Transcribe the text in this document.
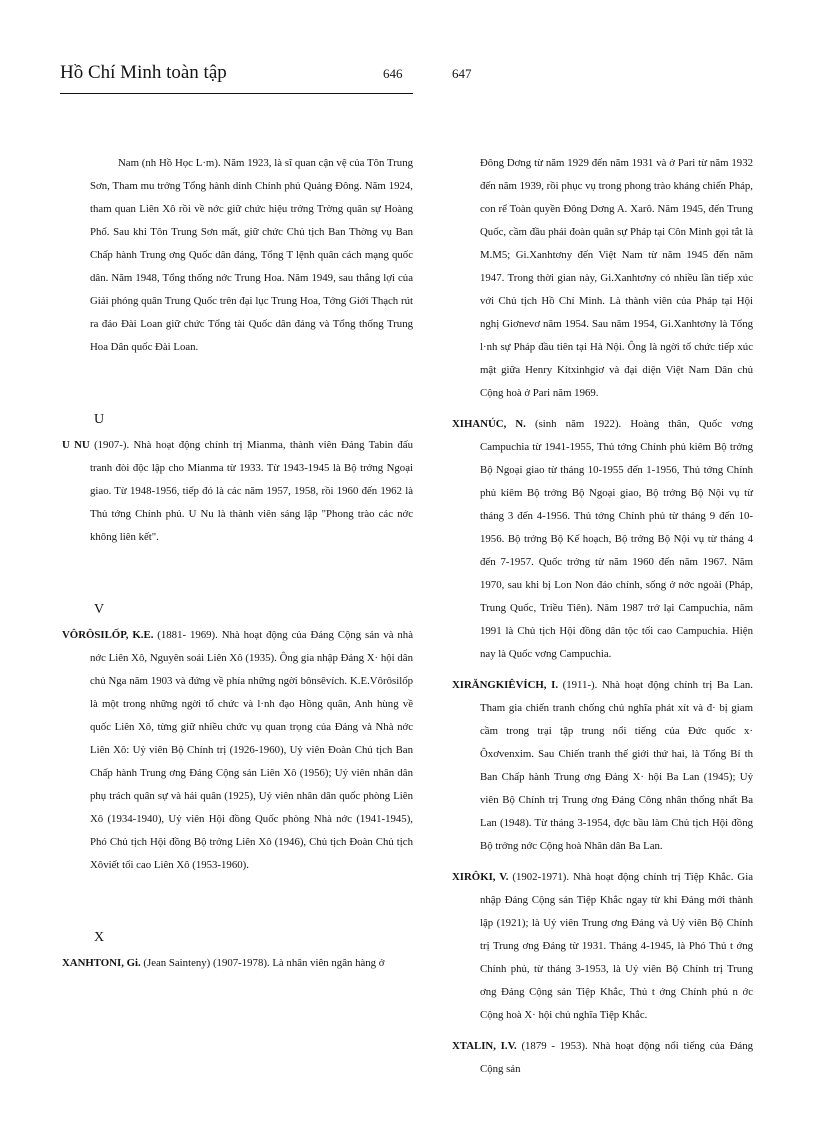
Hồ Chí Minh toàn tập	646	647

Nam (nh Hồ Học L·m). Năm 1923, là sĩ quan cận vệ của Tôn Trung Sơn, Tham mu trởng Tổng hành dinh Chính phủ Quảng Đông. Năm 1924, tham quan Liên Xô rồi về nớc giữ chức hiệu trởng Trờng quân sự Hoàng Phố. Sau khi Tôn Trung Sơn mất, giữ chức Chủ tịch Ban Thờng vụ Ban Chấp hành Trung ơng Quốc dân đảng, Tổng T lệnh quân cách mạng quốc dân. Năm 1948, Tổng thống nớc Trung Hoa. Năm 1949, sau thắng lợi của Giải phóng quân Trung Quốc trên đại lục Trung Hoa, Tởng Giới Thạch rút ra đảo Đài Loan giữ chức Tổng tài Quốc dân đảng và Tổng thống Trung Hoa Dân quốc Đài Loan.

U

U NU (1907-). Nhà hoạt động chính trị Mianma, thành viên Đảng Tabin đấu tranh đòi độc lập cho Mianma từ 1933. Từ 1943-1945 là Bộ trởng Ngoại giao. Từ 1948-1956, tiếp đó là các năm 1957, 1958, rồi 1960 đến 1962 là Thủ tớng Chính phủ. U Nu là thành viên sáng lập "Phong trào các nớc không liên kết".

V

VÔRÔSILỐP, K.E. (1881- 1969). Nhà hoạt động của Đảng Cộng sản và nhà nớc Liên Xô, Nguyên soái Liên Xô (1935). Ông gia nhập Đảng X· hội dân chủ Nga năm 1903 và đứng về phía những ngời bônsêvích. K.E.Vôrôsilốp là một trong những ngời tổ chức và l·nh đạo Hồng quân, Anh hùng về quốc Liên Xô, từng giữ nhiều chức vụ quan trọng của Đảng và Nhà nớc Liên Xô: Uỷ viên Bộ Chính trị (1926-1960), Uỷ viên Đoàn Chủ tịch Ban Chấp hành Trung ơng Đảng Cộng sản Liên Xô (1956); Uỷ viên nhân dân phụ trách quân sự và hải quân (1925), Uỷ viên nhân dân quốc phòng Liên Xô (1934-1940), Uỷ viên Hội đồng Quốc phòng Nhà nớc (1941-1945), Phó Chủ tịch Hội đồng Bộ trởng Liên Xô (1946), Chủ tịch Đoàn Chủ tịch Xôviết tối cao Liên Xô (1953-1960).

X

XANHTONI, Gi. (Jean Sainteny) (1907-1978). Là nhân viên ngân hàng ở

Đông Dơng từ năm 1929 đến năm 1931 và ở Pari từ năm 1932 đến năm 1939, rồi phục vụ trong phong trào kháng chiến Pháp, con rể Toàn quyền Đông Dơng A. Xarô. Năm 1945, đến Trung Quốc, cầm đầu phái đoàn quân sự Pháp tại Côn Minh gọi tắt là M.M5; Gi.Xanhtơny đến Việt Nam từ năm 1945 đến năm 1947. Trong thời gian này, Gi.Xanhtơny có nhiều lần tiếp xúc với Chủ tịch Hồ Chí Minh. Là thành viên của Pháp tại Hội nghị Giơnevơ năm 1954. Sau năm 1954, Gi.Xanhtơny là Tổng l·nh sự Pháp đầu tiên tại Hà Nội. Ông là ngời tổ chức tiếp xúc mật giữa Henry Kítxinhgiơ và đại diện Việt Nam Dân chủ Cộng hoà ở Pari năm 1969.

XIHANÚC, N. (sinh năm 1922). Hoàng thân, Quốc vơng Campuchia từ 1941-1955, Thủ tớng Chính phủ kiêm Bộ trởng Bộ Ngoại giao từ tháng 10-1955 đến 1-1956, Thủ tớng Chính phủ kiêm Bộ trởng Bộ Ngoại giao, Bộ trởng Bộ Nội vụ từ tháng 3 đến 4-1956. Thủ tớng Chính phủ từ tháng 9 đến 10-1956. Bộ trởng Bộ Kế hoạch, Bộ trởng Bộ Nội vụ từ tháng 4 đến 7-1957. Quốc trởng từ năm 1960 đến năm 1967. Năm 1970, sau khi bị Lon Non đảo chính, sống ở nớc ngoài (Pháp, Trung Quốc, Triều Tiên). Năm 1987 trở lại Campuchia, năm 1991 là Chủ tịch Hội đồng dân tộc tối cao Campuchia. Hiện nay là Quốc vơng Campuchia.

XIRĂNGKIÊVÍCH, I. (1911-). Nhà hoạt động chính trị Ba Lan. Tham gia chiến tranh chống chủ nghĩa phát xít và đ· bị giam cầm trong trại tập trung nổi tiếng của Đức quốc x· Ôxơvenxim. Sau Chiến tranh thế giới thứ hai, là Tổng Bí th Ban Chấp hành Trung ơng Đảng X· hội Ba Lan (1945); Uỷ viên Bộ Chính trị Trung ơng Đảng Công nhân thống nhất Ba Lan (1948). Từ tháng 3-1954, đợc bầu làm Chủ tịch Hội đồng Bộ trởng nớc Cộng hoà Nhân dân Ba Lan.

XIRÔKI, V. (1902-1971). Nhà hoạt động chính trị Tiệp Khắc. Gia nhập Đảng Cộng sản Tiệp Khắc ngay từ khi Đảng mới thành lập (1921); là Uỷ viên Trung ơng Đảng và Uỷ viên Bộ Chính trị Trung ơng Đảng từ 1931. Tháng 4-1945, là Phó Thủ t ớng Chính phủ, từ tháng 3-1953, là Uỷ viên Bộ Chính trị Trung ơng Đảng Cộng sản Tiệp Khắc, Thủ t ớng Chính phủ n ớc Cộng hoà X· hội chủ nghĩa Tiệp Khắc.

XTALIN, I.V. (1879 - 1953). Nhà hoạt động nổi tiếng của Đảng Cộng sản
